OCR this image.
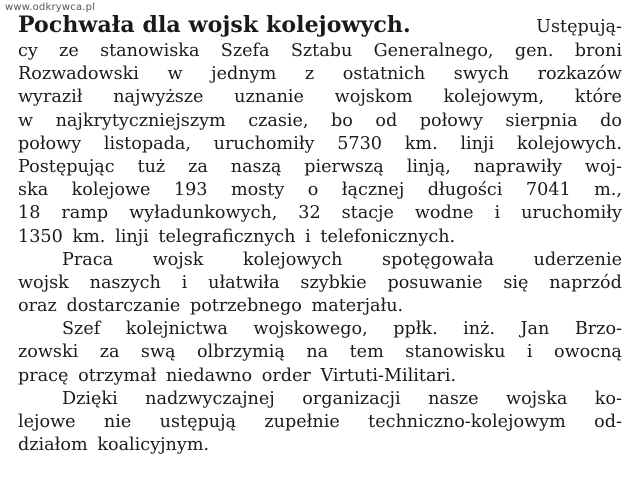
www.odkrywca.pl
Pochwała dla wojsk kolejowych.	Ustępują-
cy ze stanowiska Szefa Sztabu Generalnego, gen. broni
Rozwadowski w jednym z ostatnich swych rozkazów
wyraził najwyższe uznanie wojskom kolejowym, które
w najkrytyczniejszym czasie, bo od połowy sierpnia do
połowy listopada, uruchomiły 5730 km. linji kolejowych.
Postępując tuż za naszą pierwszą linją, naprawiły woj-
ska kolejowe 193 mosty o łącznej długości 7041 m.,
18 ramp wyładunkowych, 32 stacje wodne i uruchomiły
1350 km. linji telegraficznych i telefonicznych.
Praca wojsk kolejowych spotęgowała uderzenie
wojsk naszych i ułatwiła szybkie posuwanie się naprzód
oraz dostarczanie potrzebnego materjału.
Szef kolejnictwa wojskowego, ppłk. inż. Jan Brzo-
zowski za swą olbrzymią na tem stanowisku i owocną
pracę otrzymał niedawno order Virtuti-Militari.
Dzięki nadzwyczajnej organizacji nasze wojska ko-
lejowe nie ustępują zupełnie techniczno-kolejowym od-
działom koalicyjnym.
